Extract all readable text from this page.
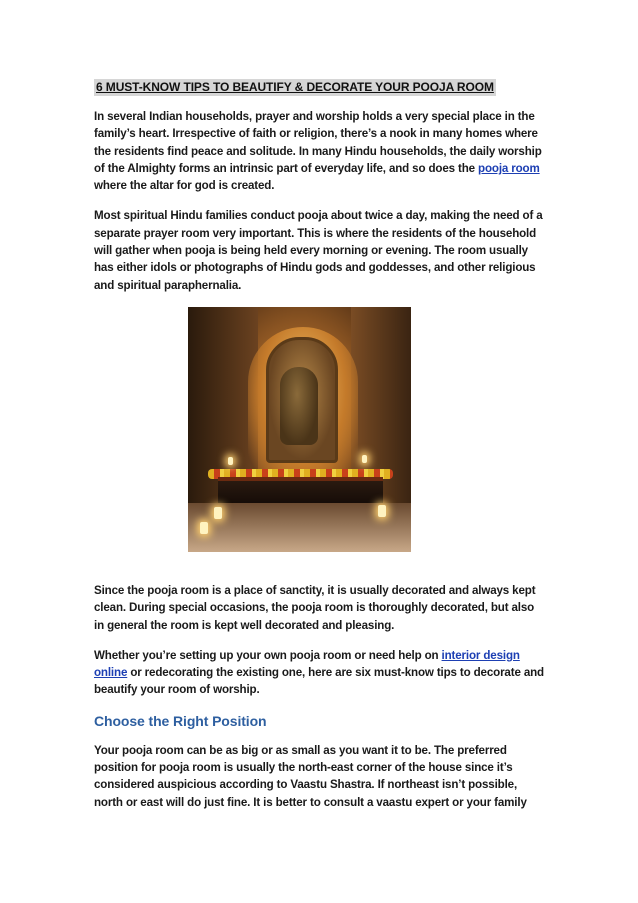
6 MUST-KNOW TIPS TO BEAUTIFY & DECORATE YOUR POOJA ROOM

In several Indian households, prayer and worship holds a very special place in the family’s heart. Irrespective of faith or religion, there’s a nook in many homes where the residents find peace and solitude. In many Hindu households, the daily worship of the Almighty forms an intrinsic part of everyday life, and so does the pooja room where the altar for god is created.

Most spiritual Hindu families conduct pooja about twice a day, making the need of a separate prayer room very important. This is where the residents of the household will gather when pooja is being held every morning or evening. The room usually has either idols or photographs of Hindu gods and goddesses, and other religious and spiritual paraphernalia.

Since the pooja room is a place of sanctity, it is usually decorated and always kept clean. During special occasions, the pooja room is thoroughly decorated, but also in general the room is kept well decorated and pleasing.

Whether you’re setting up your own pooja room or need help on interior design online or redecorating the existing one, here are six must-know tips to decorate and beautify your room of worship.

Choose the Right Position

Your pooja room can be as big or as small as you want it to be. The preferred position for pooja room is usually the north-east corner of the house since it’s considered auspicious according to Vaastu Shastra. If northeast isn’t possible, north or east will do just fine. It is better to consult a vaastu expert or your family
